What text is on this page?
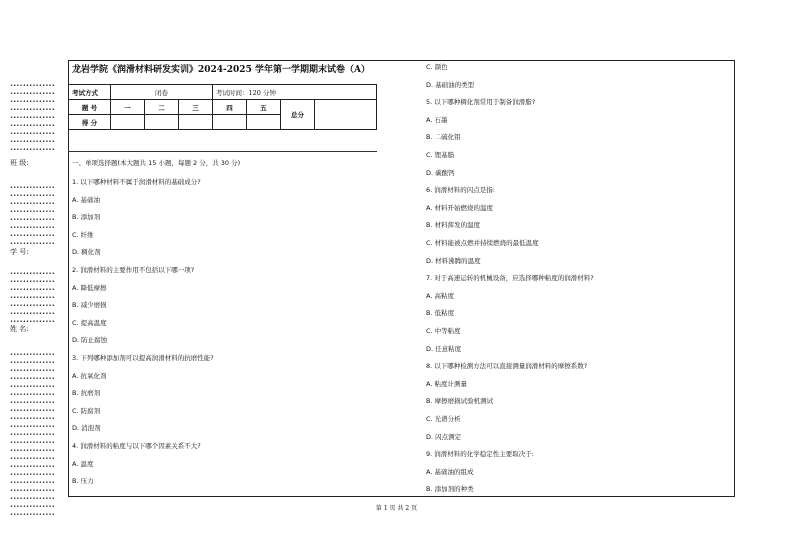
••••••••••••••
••••••••••••••
••••••••••••••
••••••••••••••
••••••••••••••
••••••••••••••
••••••••••••••
••••••••••••••
••••••••••••••
班 级:
••••••••••••••
••••••••••••••
••••••••••••••
••••••••••••••
••••••••••••••
••••••••••••••
••••••••••••••
••••••••••••••
学 号:
••••••••••••••
••••••••••••••
••••••••••••••
••••••••••••••
••••••••••••••
••••••••••••••
••••••••••••••
姓 名:
••••••••••••••
••••••••••••••
••••••••••••••
••••••••••••••
••••••••••••••
••••••••••••••
••••••••••••••
••••••••••••••
••••••••••••••
••••••••••••••
••••••••••••••
••••••••••••••
••••••••••••••
••••••••••••••
••••••••••••••
••••••••••••••
••••••••••••••
••••••••••••••
••••••••••••••
••••••••••••••
••••••••••••••
龙岩学院《润滑材料研发实训》2024-2025 学年第一学期期末试卷（A）
考试方式	闭卷			考试时间：120 分钟			
题 号	一	二	三	四	五	总分	
得 分							
一、单项选择题(本大题共 15 小题，每题 2 分，共 30 分)
1. 以下哪种材料不属于润滑材料的基础成分?
A. 基础油
B. 添加剂
C. 纤维
D. 稠化剂
2. 润滑材料的主要作用不包括以下哪一项?
A. 降低摩擦
B. 减少磨损
C. 提高温度
D. 防止腐蚀
3. 下列哪种添加剂可以提高润滑材料的抗磨性能?
A. 抗氧化剂
B. 抗磨剂
C. 防腐剂
D. 消泡剂
4. 润滑材料的粘度与以下哪个因素关系不大?
A. 温度
B. 压力
C. 颜色
D. 基础油的类型
5. 以下哪种稠化剂常用于制备润滑脂?
A. 石墨
B. 二硫化钼
C. 锂基脂
D. 碳酸钙
6. 润滑材料的闪点是指:
A. 材料开始燃烧的温度
B. 材料挥发的温度
C. 材料能被点燃并持续燃烧的最低温度
D. 材料沸腾的温度
7. 对于高速运转的机械设备，应选择哪种粘度的润滑材料?
A. 高粘度
B. 低粘度
C. 中等粘度
D. 任意粘度
8. 以下哪种检测方法可以直接测量润滑材料的摩擦系数?
A. 粘度计测量
B. 摩擦磨损试验机测试
C. 光谱分析
D. 闪点测定
9. 润滑材料的化学稳定性主要取决于:
A. 基础油的组成
B. 添加剂的种类
第 1 页 共 2 页
